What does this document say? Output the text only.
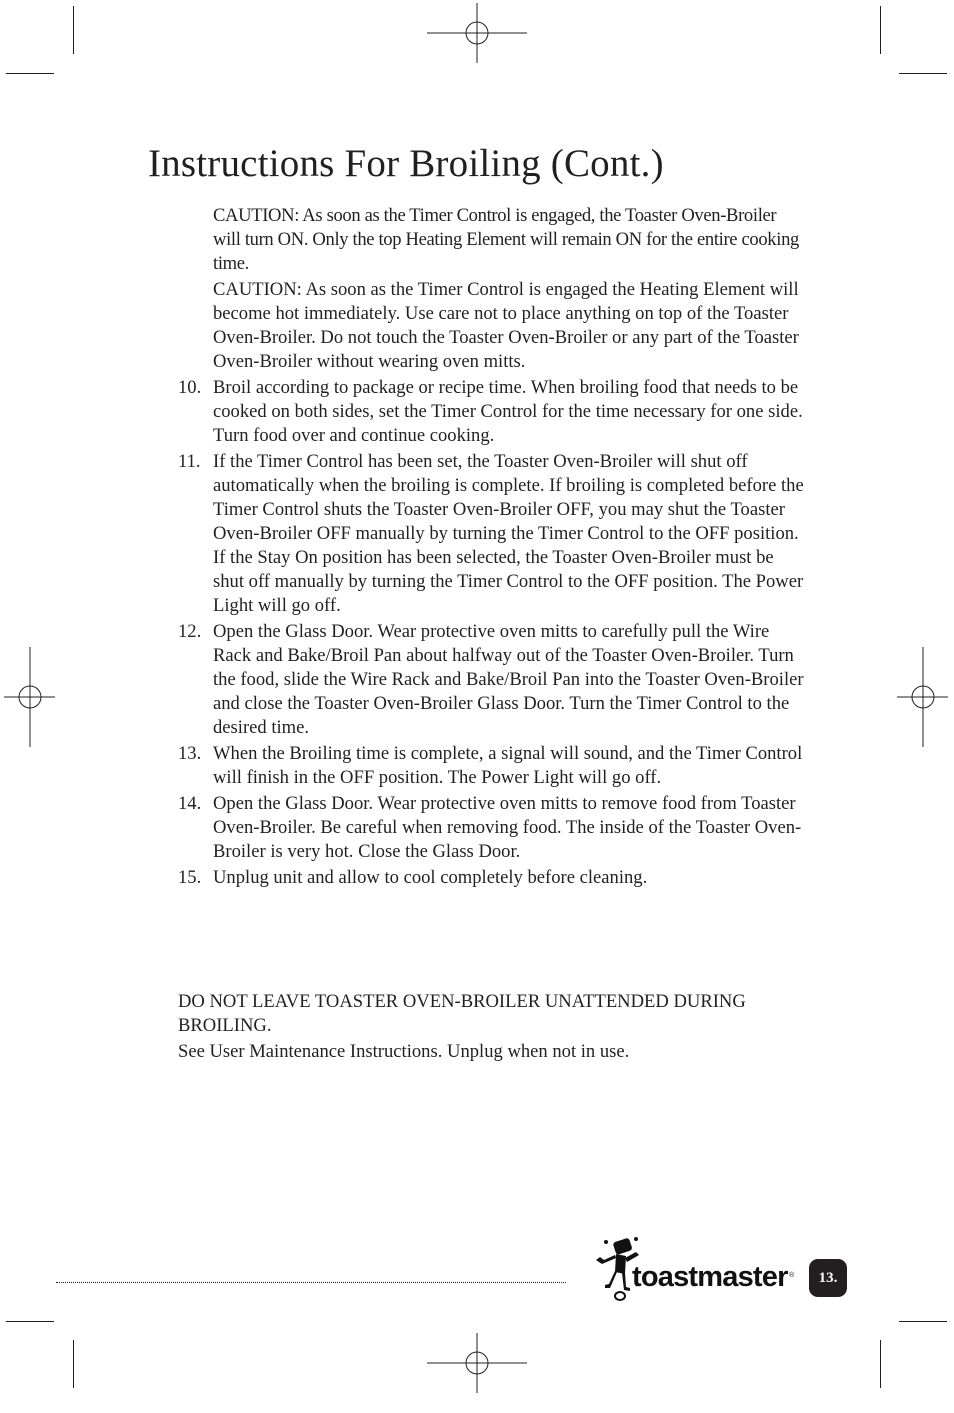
Instructions For Broiling (Cont.)

CAUTION: As soon as the Timer Control is engaged, the Toaster Oven-Broiler will turn ON. Only the top Heating Element will remain ON for the entire cooking time.

CAUTION: As soon as the Timer Control is engaged the Heating Element will become hot immediately. Use care not to place anything on top of the Toaster Oven-Broiler. Do not touch the Toaster Oven-Broiler or any part of the Toaster Oven-Broiler without wearing oven mitts.

10. Broil according to package or recipe time. When broiling food that needs to be cooked on both sides, set the Timer Control for the time necessary for one side. Turn food over and continue cooking.
11. If the Timer Control has been set, the Toaster Oven-Broiler will shut off automatically when the broiling is complete. If broiling is completed before the Timer Control shuts the Toaster Oven-Broiler OFF, you may shut the Toaster Oven-Broiler OFF manually by turning the Timer Control to the OFF position. If the Stay On position has been selected, the Toaster Oven-Broiler must be shut off manually by turning the Timer Control to the OFF position. The Power Light will go off.
12. Open the Glass Door. Wear protective oven mitts to carefully pull the Wire Rack and Bake/Broil Pan about halfway out of the Toaster Oven-Broiler. Turn the food, slide the Wire Rack and Bake/Broil Pan into the Toaster Oven-Broiler and close the Toaster Oven-Broiler Glass Door. Turn the Timer Control to the desired time.
13. When the Broiling time is complete, a signal will sound, and the Timer Control will finish in the OFF position. The Power Light will go off.
14. Open the Glass Door. Wear protective oven mitts to remove food from Toaster Oven-Broiler. Be careful when removing food. The inside of the Toaster Oven-Broiler is very hot. Close the Glass Door.
15. Unplug unit and allow to cool completely before cleaning.

DO NOT LEAVE TOASTER OVEN-BROILER UNATTENDED DURING BROILING.

See User Maintenance Instructions. Unplug when not in use.

toastmaster ®	13.
